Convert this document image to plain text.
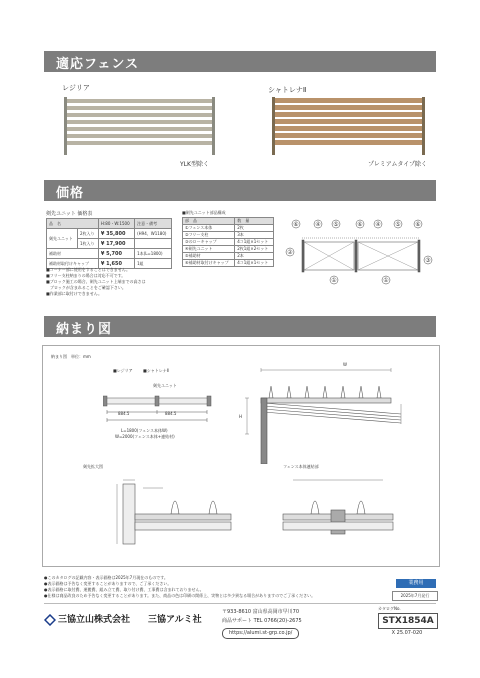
適応フェンス
レジリア
YLK型除く
シャトレナⅡ
プレミアムタイプ除く
価格
剣先ユニット 価格表
品　名		H:80・W:1500	注意・備考
剣先ユニット	2枚入り	¥ 35,800	(H94、W1180)
	1枚入り	¥ 17,900	
補助材		¥ 5,700	1本(L=1800)
補助材取付けキャップ		¥ 1,650	1組
■コーナー部に使用をすることはできません。
■フリー支柱納まりの場合は対応不可です。
■ブロック施工の場合、剣先ユニット上端までの高さは
　ブロックが含まれることをご確認下さい。
■作業部に取付けできません。
■剣先ユニット部品構成
部　品	数　量
①フェンス本体	2枚
②フリー支柱	3本
③のローキャップ	4コ1組×1セット
④剣先ユニット	2枚1組×2セット
⑤補助材	2本
⑥補助材取付けキャップ	4コ1組×1セット
⑥	④ ⑤	⑥ ④ ⑤ ⑥
②
③
①	①
納まり図
納まり図　単位：mm
■レジリア	■シャトレナⅡ
剣先ユニット
884.5	884.5
L=1800(フェンス本体W)
W=2000(フェンス本体+連結材)
W
H
剣先拡大図	フェンス本体連結部
●このカタログの記載内容・表示価格は2025年7月現在のものです。
●表示価格は予告なく変更することがありますので、ご了承ください。
●表示価格に取付費、運搬費、組み立て費、取り付け費、工事費は含まれておりません。
●仕様は商品改良のため予告なく変更することがあります。また、商品の色は印刷の関係上、実物とは多少異なる場合がありますのでご了承ください。
業務用
2025年7月発行
三協立山株式会社 三協アルミ社
〒933-8610 富山県高岡市早川70
商品サポート TEL 0766(20)-2675
https://alumi.st-grp.co.jp/
カタログNo.
STX1854A
X 25.07-020
